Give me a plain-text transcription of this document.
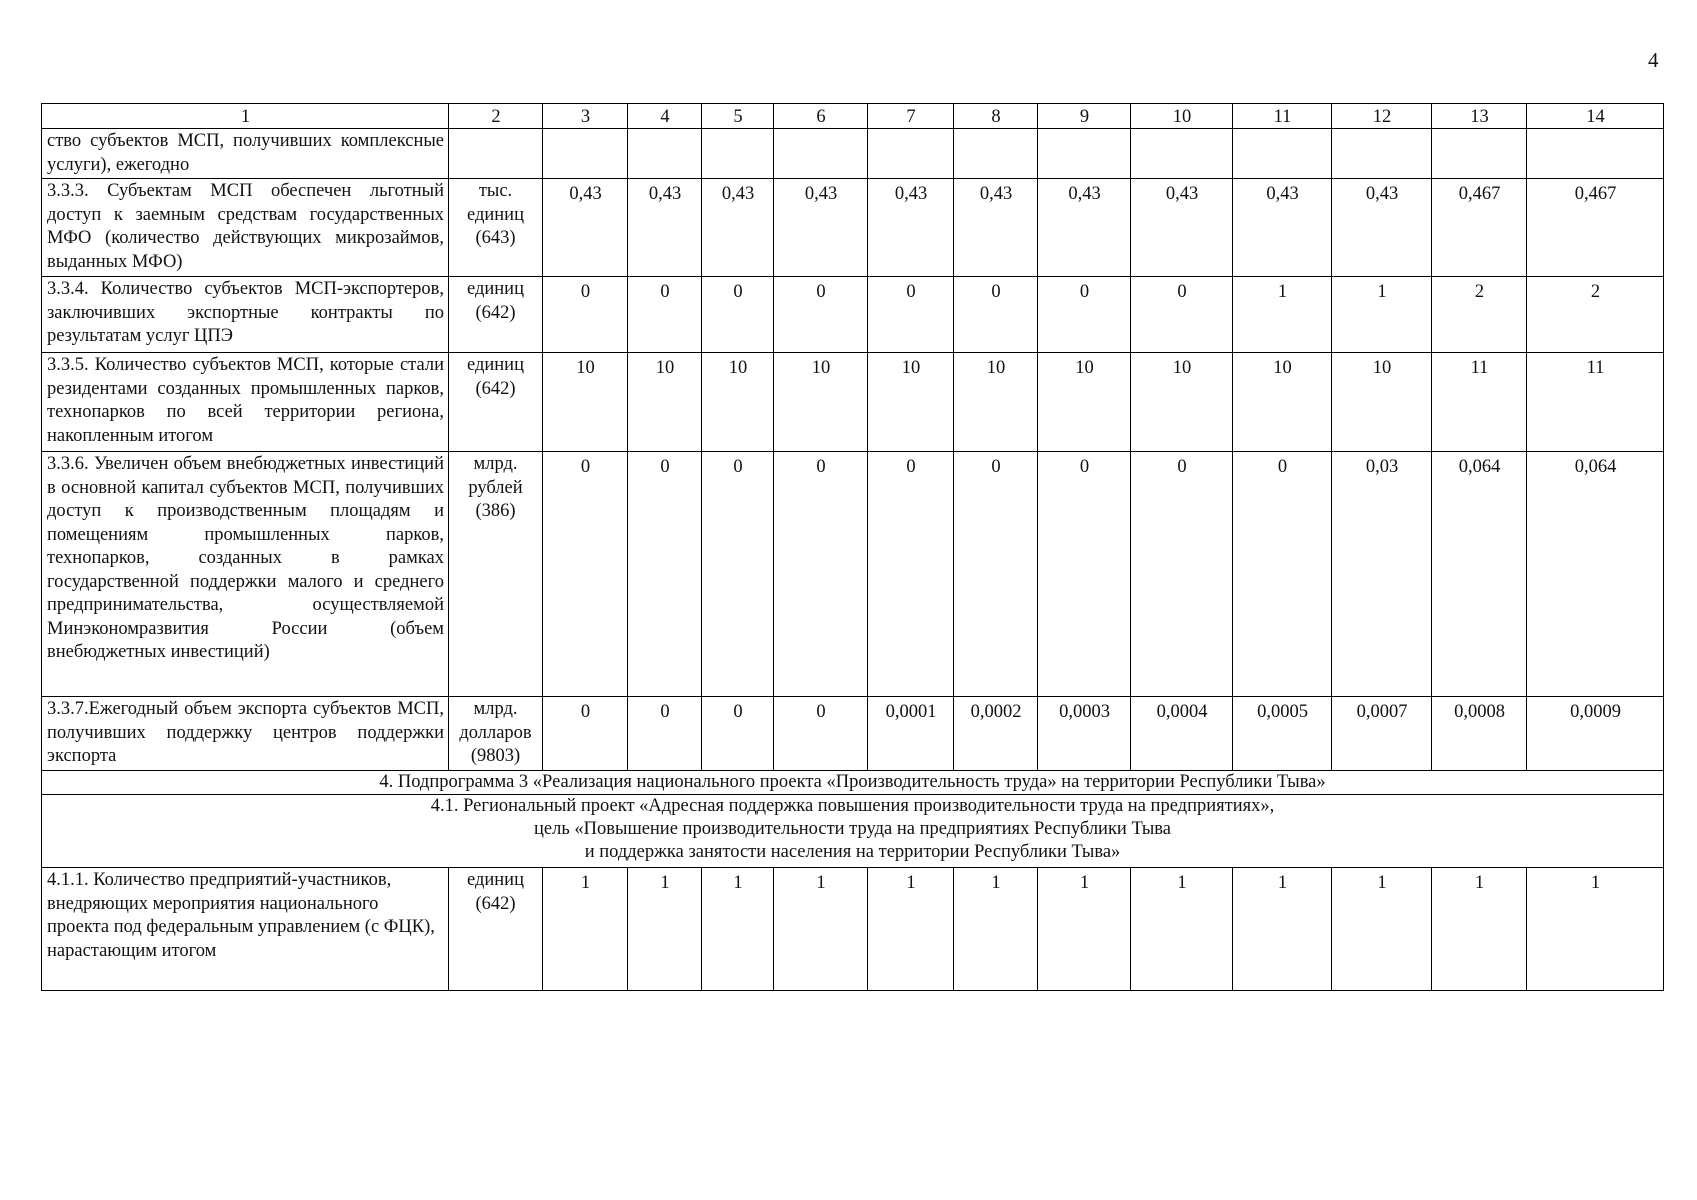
4
1	2	3	4	5	6	7	8	9	10	11	12	13	14
ство субъектов МСП, получивших комплексные услуги), ежегодно													
3.3.3. Субъектам МСП обеспечен льготный доступ к заемным средствам государственных МФО (количество действующих микрозаймов, выданных МФО)	тыс. единиц (643)	0,43	0,43	0,43	0,43	0,43	0,43	0,43	0,43	0,43	0,43	0,467	0,467
3.3.4. Количество субъектов МСП-экспортеров, заключивших экспортные контракты по результатам услуг ЦПЭ	единиц (642)	0	0	0	0	0	0	0	0	1	1	2	2
3.3.5. Количество субъектов МСП, которые стали резидентами созданных промышленных парков, технопарков по всей территории региона, накопленным итогом	единиц (642)	10	10	10	10	10	10	10	10	10	10	11	11
3.3.6. Увеличен объем внебюджетных инвестиций в основной капитал субъектов МСП, получивших доступ к производственным площадям и помещениям промышленных парков, технопарков, созданных в рамках государственной поддержки малого и среднего предпринимательства, осуществляемой Минэкономразвития России (объем внебюджетных инвестиций)	млрд. рублей (386)	0	0	0	0	0	0	0	0	0	0,03	0,064	0,064
3.3.7.Ежегодный объем экспорта субъектов МСП, получивших поддержку центров поддержки экспорта	млрд. долларов (9803)	0	0	0	0	0,0001	0,0002	0,0003	0,0004	0,0005	0,0007	0,0008	0,0009
4. Подпрограмма 3 «Реализация национального проекта «Производительность труда» на территории Республики Тыва»													

4.1. Региональный проект «Адресная поддержка повышения производительности труда на предприятиях»,
цель «Повышение производительности труда на предприятиях Республики Тыва
и поддержка занятости населения на территории Республики Тыва»													

4.1.1. Количество предприятий-участников, внедряющих мероприятия национального проекта под федеральным управлением (с ФЦК), нарастающим итогом	единиц (642)	1	1	1	1	1	1	1	1	1	1	1	1
